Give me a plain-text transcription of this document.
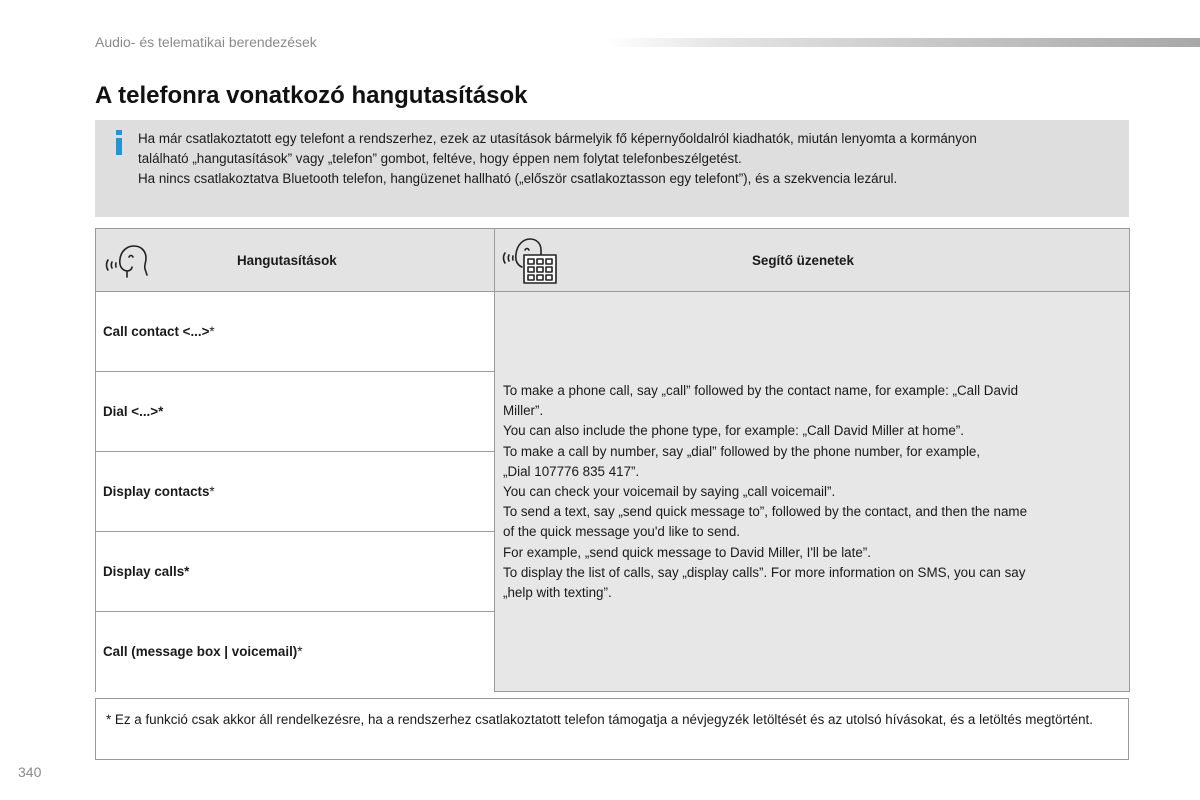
Audio- és telematikai berendezések
A telefonra vonatkozó hangutasítások

Ha már csatlakoztatott egy telefont a rendszerhez, ezek az utasítások bármelyik fő képernyőoldalról kiadhatók, miután lenyomta a kormányon

található „hangutasítások” vagy „telefon” gombot, feltéve, hogy éppen nem folytat telefonbeszélgetést.

Ha nincs csatlakoztatva Bluetooth telefon, hangüzenet hallható („először csatlakoztasson egy telefont”), és a szekvencia lezárul.

Hangutasítások	Segítő üzenetek
Call contact <...>*
Dial <...>*
Display contacts*
Display calls*
Call (message box | voicemail)*

To make a phone call, say „call” followed by the contact name, for example: „Call David

Miller”.

You can also include the phone type, for example: „Call David Miller at home”.

To make a call by number, say „dial” followed by the phone number, for example,

„Dial 107776 835 417”.

You can check your voicemail by saying „call voicemail”.

To send a text, say „send quick message to”, followed by the contact, and then the name

of the quick message you'd like to send.

For example, „send quick message to David Miller, I'll be late”.

To display the list of calls, say „display calls”. For more information on SMS, you can say

„help with texting”.

* Ez a funkció csak akkor áll rendelkezésre, ha a rendszerhez csatlakoztatott telefon támogatja a névjegyzék letöltését és az utolsó hívásokat, és a letöltés megtörtént.
340
